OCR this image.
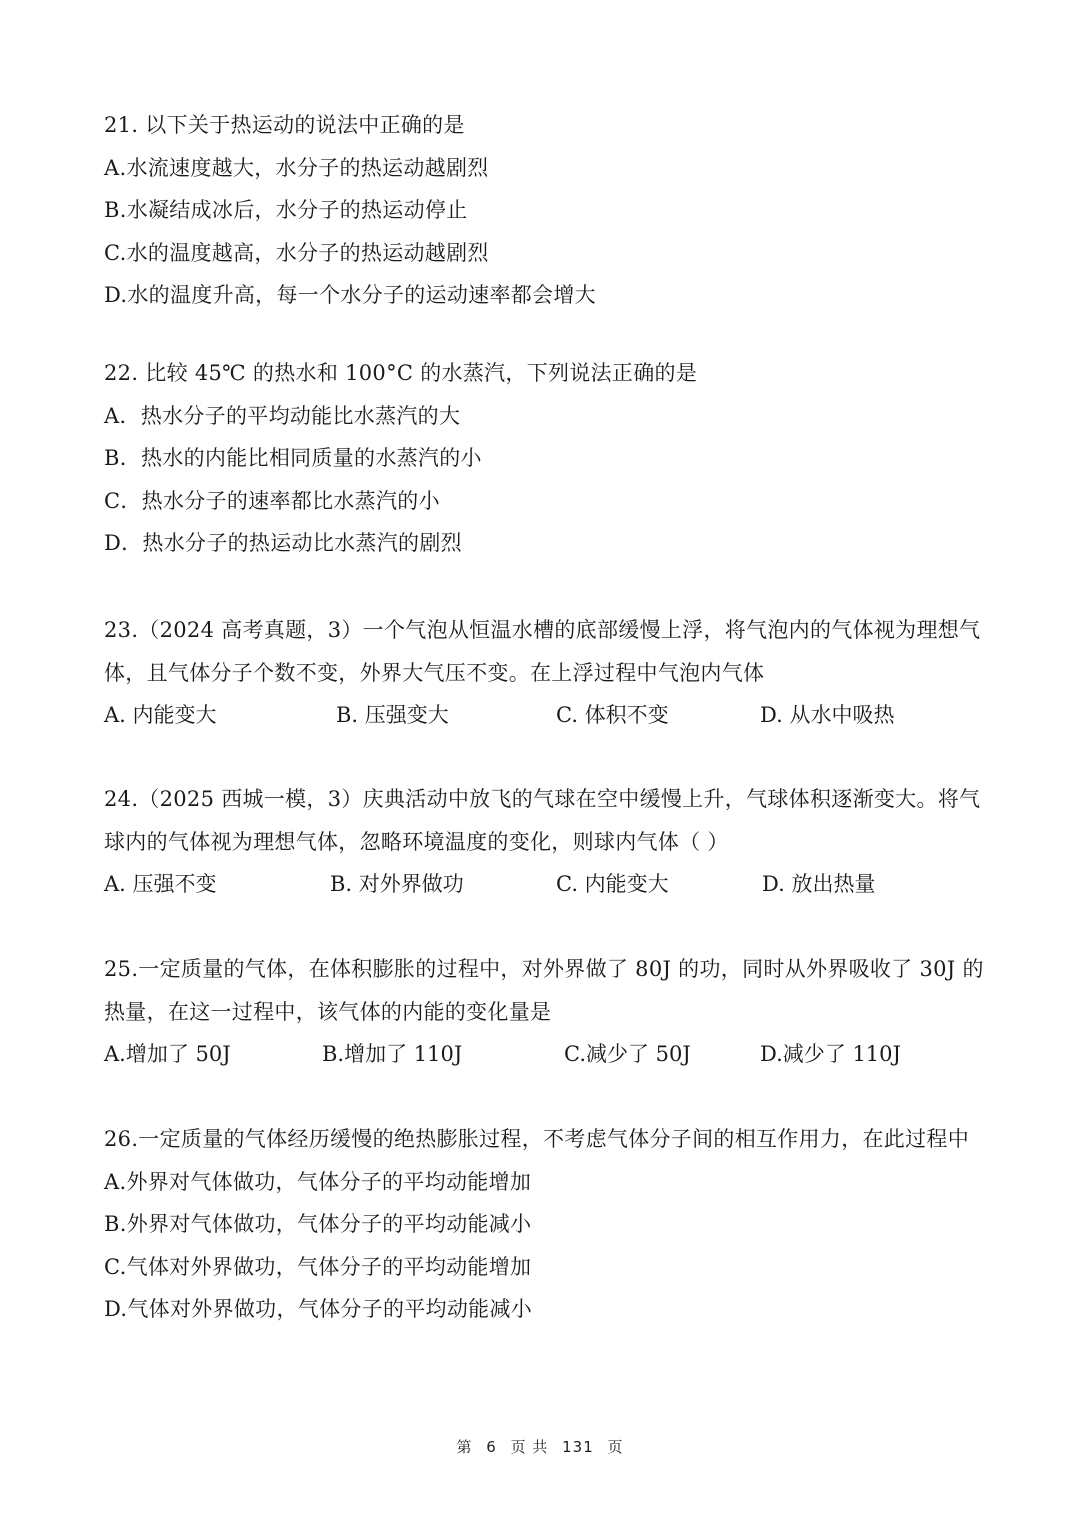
21. 以下关于热运动的说法中正确的是
A.水流速度越大，水分子的热运动越剧烈
B.水凝结成冰后，水分子的热运动停止
C.水的温度越高，水分子的热运动越剧烈
D.水的温度升高，每一个水分子的运动速率都会增大
22. 比较 45℃ 的热水和 100°C 的水蒸汽，下列说法正确的是
A．热水分子的平均动能比水蒸汽的大
B．热水的内能比相同质量的水蒸汽的小
C．热水分子的速率都比水蒸汽的小
D．热水分子的热运动比水蒸汽的剧烈
23.（2024 高考真题，3）一个气泡从恒温水槽的底部缓慢上浮，将气泡内的气体视为理想气
体，且气体分子个数不变，外界大气压不变。在上浮过程中气泡内气体
A. 内能变大	B. 压强变大	C. 体积不变	D. 从水中吸热
24.（2025 西城一模，3）庆典活动中放飞的气球在空中缓慢上升，气球体积逐渐变大。将气
球内的气体视为理想气体，忽略环境温度的变化，则球内气体（ ）
A. 压强不变	B. 对外界做功	C. 内能变大	D. 放出热量
25.一定质量的气体，在体积膨胀的过程中，对外界做了 80J 的功，同时从外界吸收了 30J 的
热量，在这一过程中，该气体的内能的变化量是
A.增加了 50J	B.增加了 110J	C.减少了 50J	D.减少了 110J
26.一定质量的气体经历缓慢的绝热膨胀过程，不考虑气体分子间的相互作用力，在此过程中
A.外界对气体做功，气体分子的平均动能增加
B.外界对气体做功，气体分子的平均动能减小
C.气体对外界做功，气体分子的平均动能增加
D.气体对外界做功，气体分子的平均动能减小
第 6 页 共 131 页
